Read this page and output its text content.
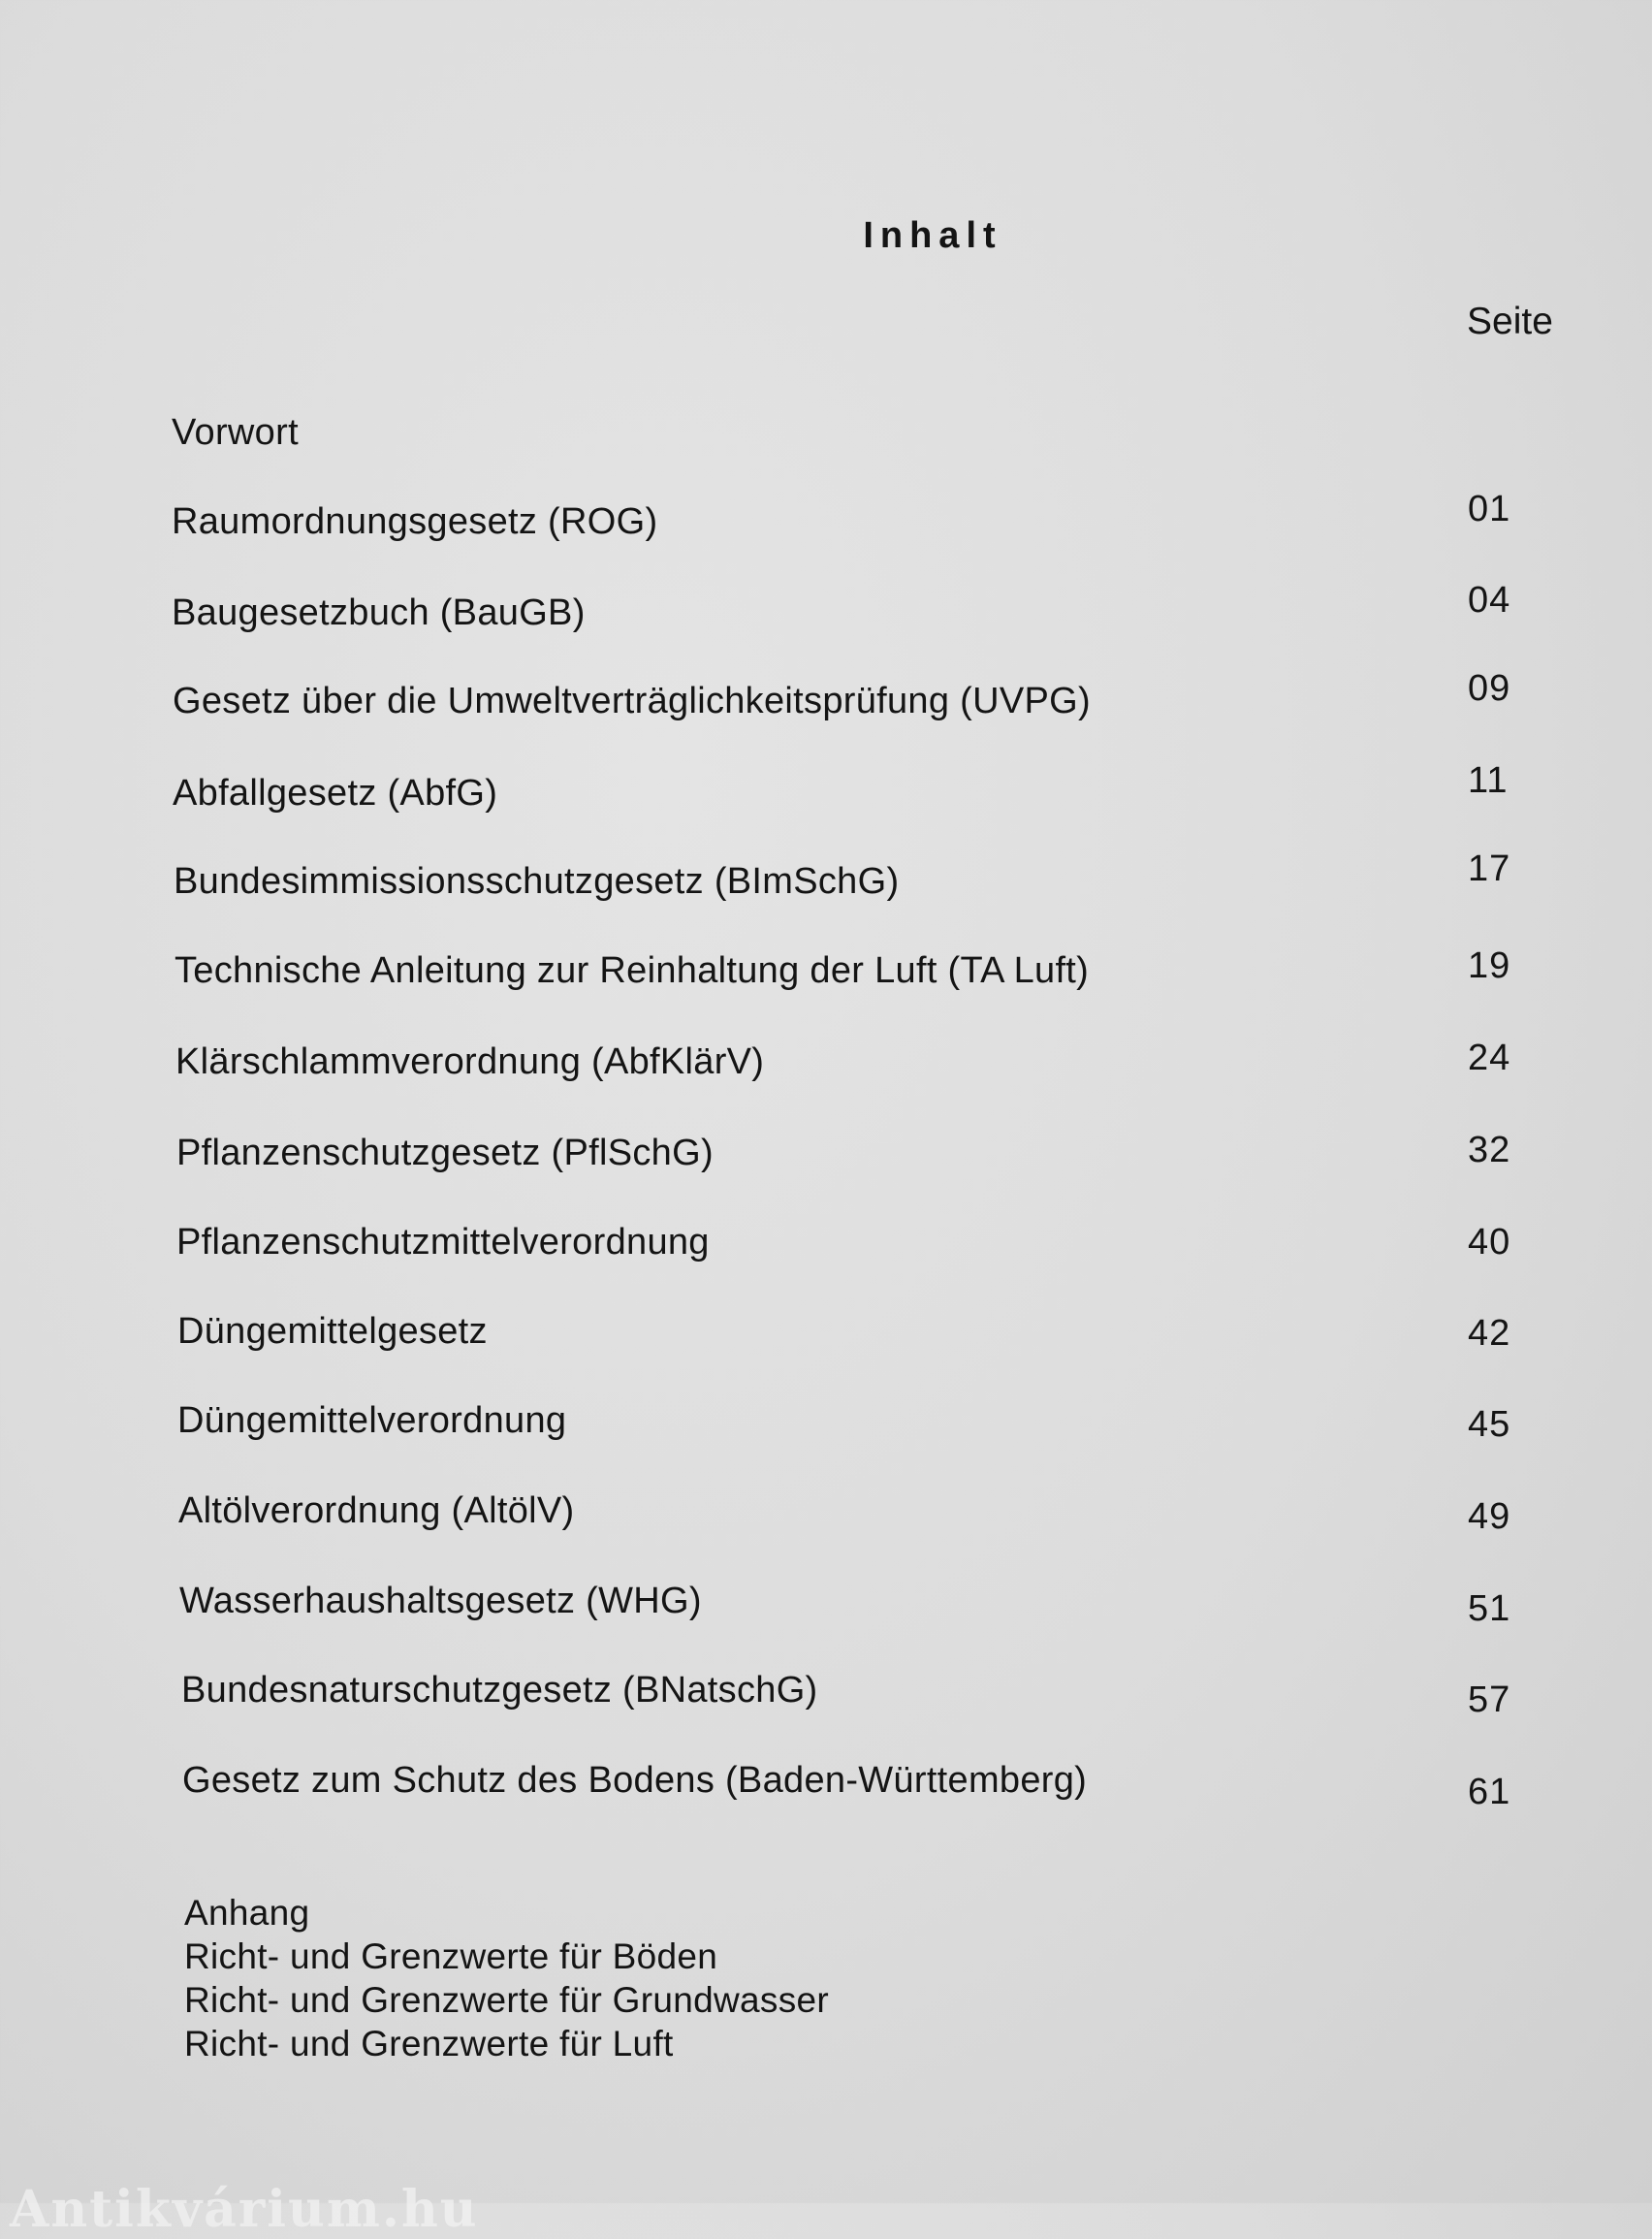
Inhalt
Seite
Vorwort
Raumordnungsgesetz (ROG)	01
Baugesetzbuch (BauGB)	04
Gesetz über die Umweltverträglichkeitsprüfung (UVPG)	09
Abfallgesetz (AbfG)	11
Bundesimmissionsschutzgesetz (BImSchG)	17
Technische Anleitung zur Reinhaltung der Luft (TA Luft)	19
Klärschlammverordnung (AbfKlärV)	24
Pflanzenschutzgesetz (PflSchG)	32
Pflanzenschutzmittelverordnung	40
Düngemittelgesetz	42
Düngemittelverordnung	45
Altölverordnung (AltölV)	49
Wasserhaushaltsgesetz (WHG)	51
Bundesnaturschutzgesetz (BNatschG)	57
Gesetz zum Schutz des Bodens (Baden-Württemberg)	61
Anhang
Richt- und Grenzwerte für Böden
Richt- und Grenzwerte für Grundwasser
Richt- und Grenzwerte für Luft
Antikvárium.hu
